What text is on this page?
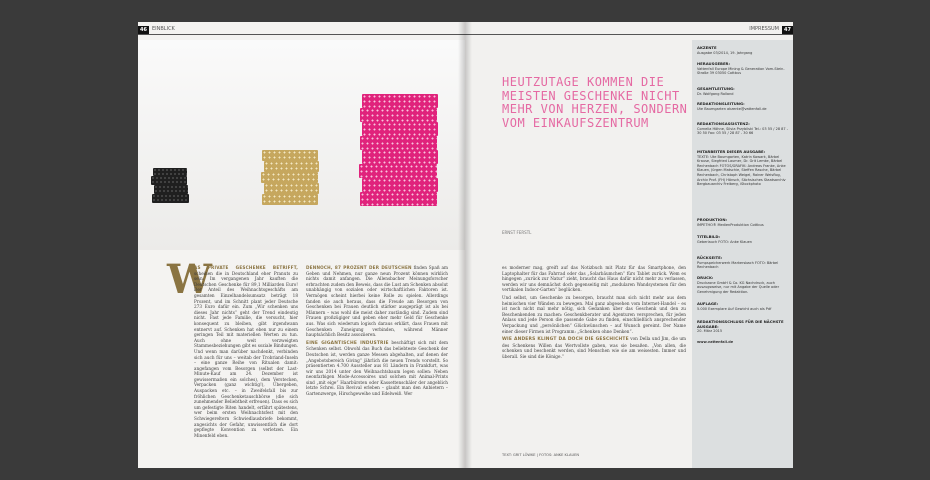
46	EINBLICK
W

AS PRIVATE GESCHENKE BETRIFFT, scheinen die in Deutschland eher Pranuts zu sein. Im vergangenen Jahr kauften die Deutschen Geschenke für 89,1 Milliarden Euro! Der Anteil des Weihnachtsgeschäfts am gesamten Einzelhandelsumsatz beträgt 18 Prozent, und im Schnitt plant jeder Deutsche 273 Euro dafür ein. Zum „Wir schenken uns dieses Jahr nichts“ geht der Trend eindeutig nicht. Fast jede Familie, die versucht, hier konsequent zu bleiben, gibt irgendwann entnervt auf. Schenken hat eben nur zu einem geringen Teil mit materiellen Werten zu tun. Auch ohne weit verzweigten Stammesbeziehungen gibt es soziale Bindungen. Und wenn man darüber nachdenkt, verbinden sich auch für uns – weitab der Trobriand-Inseln – eine ganze Reihe von Ritualen damit: angefangen vom Besorgen (selbst der Last-Minute-Kauf am 24. Dezember ist gewissermaßen ein solches), dem Verstecken, Verpacken (ganz wichtig!), Übergeben, Auspacken etc. – in Zweifelsfall bis zur fröhlichen Geschenketauschbörse (die sich zunehmender Beliebtheit erfreuen). Dass es sich um gefestigte Riten handelt, erfährt spätestens, wer beim ersten Weihnachtsfest mit den Schwiegereltern Schwiedlausbriefe bekommt, angesichts der Gefahr, unwissentlich die dort gepflegte Konvention zu verletzen. Ein Minenfeld eben.

DENNOCH, 87 PROZENT DER DEUTSCHEN finden Spaß am Geben und Nehmen, nur ganze neun Prozent können wirklich nichts damit anfangen. Die Allensbacher Meinungsforscher erbrachten zudem den Beweis, dass die Lust am Schenken absolut unabhängig von sozialen oder wirtschaftlichen Faktoren ist. Vermögen scheint hierbei keine Rolle zu spielen. Allerdings fanden sie auch heraus, dass die Freude am Besorgen von Geschenken bei Frauen deutlich stärker ausgeprägt ist als bei Männern – was wohl die meist daher zuständig sind. Zudem sind Frauen großzügiger und geben eher mehr Geld für Geschenke aus. Was sich wiederum logisch daraus erklärt, dass Frauen mit Geschenken Zuneigung verbinden, während Männer hauptsächlich Besitz assoziieren.

EINE GIGANTISCHE INDUSTRIE beschäftigt sich mit dem Schenken selbst. Obwohl das Buch das beliebteste Geschenk der Deutschen ist, werden ganze Messen abgehalten, auf denen der „Angebotsbereich Giving“ jährlich die neuen Trends vorstellt. So präsentierten 4.700 Aussteller aus 81 Ländern in Frankfurt, was wir uns 2014 unter den Weihnachtsbaum legen sollen: Neben neonfarbigen Mode-Accessoires und solchen mit Animal-Prints sind „mit eige“ Haarbürsten oder Kassettenschäler der angeblich letzte Schrei. Ein Revival erleben – glaubt man den Anbietern – Gartenzwerge, Hirschgeweihe und Edelweiß. Wer

IMPRESSUM	47
HEUTZUTAGE KOMMEN DIE MEISTEN GESCHENKE NICHT MEHR VON HERZEN, SONDERN VOM EINKAUFSZENTRUM
ERNST FERSTL

es moderner mag, greift auf das Notizbuch mit Platz für das Smartphone, den Laptophalter für das Fahrrad oder das „Solarbäumchen“ fürs Tablet zurück. Wem es hingegen „zurück zur Natur“ zieht, braucht das Haus dafür nicht mehr zu verlassen, werden wir uns demnächst doch gegenseitig mit „modularen Wandsystemen für den vertikalen Indoor-Garten“ beglücken.

Und selbst, um Geschenke zu besorgen, braucht man sich nicht mehr aus dem heimischen vier Wänden zu bewegen. Mal ganz abgesehen vom Internet-Handel – es ist noch nicht mal mehr nötig, sich Gedanken über das Geschenk und den zu Beschenkenden zu machen: Geschenkberater und Agenturen versprechen, für jeden Anlass und jede Person die passende Gabe zu finden, einschließlich ansprechender Verpackung und „persönlichen“ Glückwünschen – auf Wunsch gereimt. Der Name einer dieser Firmen ist Programm: „Schenken ohne Denken“.

WIE ANDERS KLINGT DA DOCH DIE GESCHICHTE von Della und Jim, die um des Schenkens Willen das Wertvollste gaben, was sie besaßen. „Von allen, die schenken und beschenkt werden, sind Menschen wie sie am weisesten. Immer und überall. Sie sind die Könige.“

TEXT: GRIT LÖWKE | FOTOS: ANKE KLAUEN
AKZENTE
Ausgabe 03/2014, 19. Jahrgang
HERAUSGEBER:
Vattenfall Europe Mining & Generation Vom-Stein-Straße 39 03050 Cottbus
GESAMTLEITUNG:
Dr. Wolfgang Rolland
REDAKTIONSLEITUNG:
Ute Baumgarten akzente@vattenfall.de
REDAKTIONSASSISTENZ:
Cornelia Höhne, Silvia Przybilski Tel.: 03 55 / 28 87 - 30 50 Fax: 03 55 / 28 87 - 30 66
MITARBEITER DIESER AUSGABE:
TEXTE: Ute Baumgarten, Katrin Kowark, Bärbel Krause, Siegfried Laumer, Dr. Grit Lemke, Bärbel Rechenbach FOTOS/GRAFIK: Andreas Franke, Anke Klauen, Jürgen Matschie, Steffen Rasche, Bärbel Rechenbach, Christoph Weigel, Rainer Weisflog, Archiv Prof. (FH) Hönsch, Sächsisches Staatsarchiv Bergbauarchiv Freiberg, iStockphoto
PRODUKTION:
IMPETHO® MedienProduktion Cottbus
TITELBILD:
Geberlauch FOTO: Anke Klauen
RÜCKSEITE:
Pumpspeicherwerk Markersbach FOTO: Bärbel Rechenbach
DRUCK:
Druckzone GmbH & Co. KG Nachdruck, auch auszugsweise, nur mit Angabe der Quelle oder Genehmigung der Redaktion.
AUFLAGE:
5.000 Exemplare Auf Gewicht auch als Pdf
REDAKTIONSSCHLUSS FÜR DIE NÄCHSTE AUSGABE:
20. März 2015
www.vattenfall.de
